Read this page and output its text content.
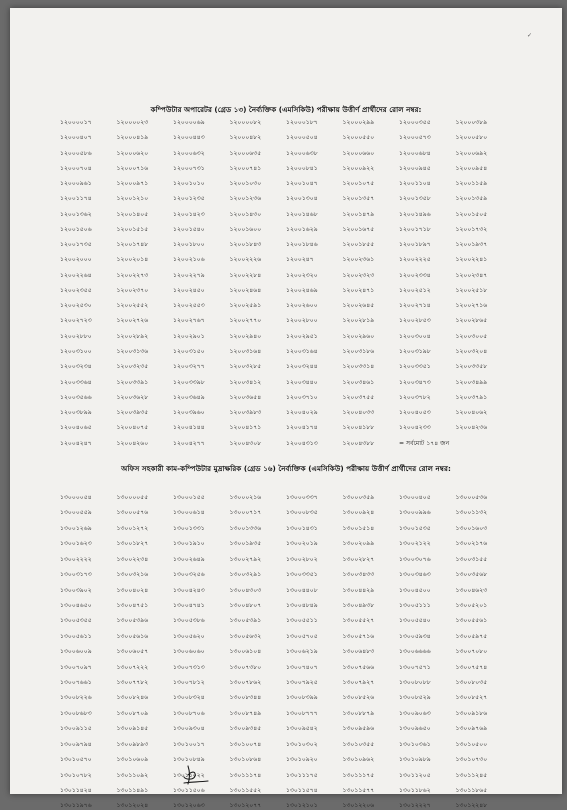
✓
কম্পিউটার অপারেটর (গ্রেড ১৩) নৈর্ব্যক্তিক (এমসিকিউ) পরীক্ষায় উত্তীর্ণ প্রার্থীদের রোল নম্বর:
১২০০০০১৭	১২০০০০২৩	১২০০০০৬৯	১২০০০০৮২	১২০০০১৮৭	১২০০০২৯৯	১২০০০৩৫৫	১২০০০৩৮৯
১২০০০৪০৭	১২০০০৪১৯	১২০০০৪৪৩	১২০০০৪৮২	১২০০০৫০৪	১২০০০৫৫০	১২০০০৫৭৩	১২০০০৫৮০
১২০০০৫৮৬	১২০০০৬২০	১২০০০৬৩২	১২০০০৬৩৫	১২০০০৬৩৮	১২০০০৬৬০	১২০০০৬৮৪	১২০০০৬৯২
১২০০০৭০৪	১২০০০৭১৬	১২০০০৭৩১	১২০০০৭৪১	১২০০০৮৪১	১২০০০৯২২	১২০০০৯৪৫	১২০০০৯৫৪
১২০০০৯৬১	১২০০০৯৭১	১২০০১০১০	১২০০১০৩০	১২০০১০৪৭	১২০০১০৭৫	১২০০১১০৪	১২০০১১৫৯
১২০০১১৭৪	১২০০১২১০	১২০০১২৩৫	১২০০১২৩৬	১২০০১৩০৪	১২০০১৩৫৭	১২০০১৩৫৮	১২০০১৩৫৯
১২০০১৩৬২	১২০০১৪০৫	১২০০১৪২৩	১২০০১৪৩০	১২০০১৪৬৮	১২০০১৪৭৯	১২০০১৪৯৬	১২০০১৫০৫
১২০০১৫০৬	১২০০১৫১৫	১২০০১৫৪০	১২০০১৬০০	১২০০১৬২৯	১২০০১৬৭৫	১২০০১৭১৮	১২০০১৭৩২
১২০০১৭৩৫	১২০০১৭৪৮	১২০০১৮০০	১২০০১৮৪৩	১২০০১৮৪৬	১২০০১৮৫৫	১২০০১৮৯৭	১২০০১৯৩৭
১২০০২০০০	১২০০২০১৪	১২০০২১০৬	১২০০২২২৬	১২০০২৪৭	১২০০২৩৬১	১২০০২২২৫	১২০০২২৪১
১২০০২২৬৪	১২০০২২৭৩	১২০০২২৭৯	১২০০২২৮৪	১২০০২৩২০	১২০০২৩২৩	১২০০২৩৩৪	১২০০২৩৪৭
১২০০২৩৫৫	১২০০২৩৭০	১২০০২৪৫০	১২০০২৪৬৪	১২০০২৪৬৯	১২০০২৪৭১	১২০০২৫১২	১২০০২৫১৮
১২০০২৫৩০	১২০০২৫৫২	১২০০২৫৫৩	১২০০২৫৯১	১২০০২৬০০	১২০০২৬৪৫	১২০০২৭১৪	১২০০২৭১৬
১২০০২৭২৩	১২০০২৭২৬	১২০০২৭৬৭	১২০০২৭৭০	১২০০২৮০০	১২০০২৮১৯	১২০০২৮৫৩	১২০০২৮৬৫
১২০০২৮৮০	১২০০২৮৯২	১২০০২৯০১	১২০০২৯৪০	১২০০২৯৫১	১২০০২৯৬০	১২০০৩০০৪	১২০০৩০০৫
১২০০৩১০০	১২০০৩১৩৬	১২০০৩১৫০	১২০০৩১৬৪	১২০০৩১৬৪	১২০০৩১৮৬	১২০০৩১৯৮	১২০০৩২০৪
১২০০৩২৩৪	১২০০৩২৩৫	১২০০৩২৭৭	১২০০৩২৮৫	১২০০৩২৪৪	১২০০৩৩১৪	১২০০৩৩৫১	১২০০৩৩৫৮
১২০০৩৩৬৪	১২০০৩৩৯১	১২০০৩৩৯৮	১২০০৩৪১২	১২০০৩৪৪০	১২০০৩৪৬১	১২০০৩৪৭৩	১২০০৩৪৯৯
১২০০৩৫৬৬	১২০০৩৬২৮	১২০০৩৬৪৯	১২০০৩৬৫৪	১২০০৩৭১০	১২০০৩৭৫৫	১২০০৩৭৮২	১২০০৩৭৯১
১২০০৩৮৯৯	১২০০৩৯৩৫	১২০০৩৯৬০	১২০০৩৯৮৩	১২০০৪০২৯	১২০০৪০৩৩	১২০০৪০৫৩	১২০০৪০৬২
১২০০৪০৬৫	১২০০৪০৭৫	১২০০৪১৪৪	১২০০৪১৭১	১২০০৪১৭৪	১২০০৪১৮৮	১২০০৪২৩৩	১২০০৪২৩৬
১২০০৪২৪৭	১২০০৪২৬০	১২০০৪২৭৭	১২০০৪৩০৮	১২০০৪৩১৩	১২০০৪৩৮৮	= সর্বমোট ১৭৪ জন
অফিস সহকারী কাম-কম্পিউটার মুদ্রাক্ষরিক (গ্রেড ১৬) নৈর্ব্যক্তিক (এমসিকিউ) পরীক্ষায় উত্তীর্ণ প্রার্থীদের রোল নম্বর:
১৩০০০০৫৪	১৩০০০০৫৫	১৩০০০১৫৫	১৩০০০২১৬	১৩০০০৩৩৭	১৩০০০৩৫৯	১৩০০০৪০৫	১৩০০০৫৩৬
১৩০০০৫৫৯	১৩০০০৫৭৬	১৩০০০৬১৪	১৩০০০৭১৭	১৩০০০৮৩৫	১৩০০০৯২৪	১৩০০০৯৯৬	১৩০০১১৩২
১৩০০১২৬৯	১৩০০১২৭২	১৩০০১৩৩১	১৩০০১৩৩৬	১৩০০১৪৩১	১৩০০১৫১৪	১৩০০১৫৩৫	১৩০০১৬০৩
১৩০০১৬২৩	১৩০০১৮২৭	১৩০০১৯১০	১৩০০১৯৩৫	১৩০০২০১৯	১৩০০২০৯৯	১৩০০২১২২	১৩০০২১৭৬
১৩০০২২২২	১৩০০২২৩৪	১৩০০২৬৪৯	১৩০০২৭৯২	১৩০০২৮০২	১৩০০২৮২৭	১৩০০৩০৭৬	১৩০০৩১৫৫
১৩০০৩১৭৩	১৩০০৩২১৬	১৩০০৩২৫৬	১৩০০৩২৯১	১৩০০৩৩৫১	১৩০০৩৪৩৩	১৩০০৩৪৬৩	১৩০০৩৫৬৮
১৩০০৩৯০২	১৩০০৪০২৪	১৩০০৪২৪৩	১৩০০৪৩০৩	১৩০০৪৪০৮	১৩০০৪৪২৯	১৩০০৪৫০০	১৩০০৪৬২৩
১৩০০৪৬৫০	১৩০০৪৭৫১	১৩০০৪৭৪১	১৩০০৪৮০৭	১৩০০৪৮৪৯	১৩০০৪৯৩৮	১৩০০৫১১১	১৩০০৫২০১
১৩০০৫৩৫৫	১৩০০৫৩৯৬	১৩০০৫৩৮৬	১৩০০৫৩৯১	১৩০০৫৫১১	১৩০০৫৫২৭	১৩০০৫৫৪০	১৩০০৫৫৬১
১৩০০৫৬১১	১৩০০৫৬১৬	১৩০০৫৬২০	১৩০০৫৬৩২	১৩০০৫৭০৫	১৩০০৫৭১৬	১৩০০৫৯৩৪	১৩০০৫৯৭৫
১৩০০৬০০৯	১৩০০৬০৫৭	১৩০০৬০৬০	১৩০০৬১০৪	১৩০০৬২১৯	১৩০০৬৪৮৩	১৩০০৬৬৬৬	১৩০০৭০৮০
১৩০০৭০৯৭	১৩০০৭২২২	১৩০০৭৩১৩	১৩০০৭৩৮০	১৩০০৭৪০৭	১৩০০৭৫৬৬	১৩০০৭৫৭১	১৩০০৭৫৭৪
১৩০০৭৬৬১	১৩০০৭৭৮২	১৩০০৭৮১২	১৩০০৭৮৬২	১৩০০৭৯২৫	১৩০০৭৯২৭	১৩০০৮০৮৮	১৩০০৮০৩৫
১৩০০৮২২৬	১৩০০৮২৪৬	১৩০০৮৩২৪	১৩০০৮৩৪৪	১৩০০৮৩৯৯	১৩০০৮৫২৬	১৩০০৮৫২৯	১৩০০৮৫২৭
১৩০০৮৬৮৩	১৩০০৮৭০৯	১৩০০৮৭০৬	১৩০০৮৭৪৯	১৩০০৮৭৭৭	১৩০০৮৮৭৯	১৩০০৯০৬৩	১৩০০৯১৮৬
১৩০০৯১১৫	১৩০০৯১৪৫	১৩০০৯৩০৪	১৩০০৯৩৪৫	১৩০০৯৫৪২	১৩০০৯৫৯৬	১৩০০৯৬৫০	১৩০০৯৭৬৯
১৩০০৯৭৯৪	১৩০০৯৮৯৩	১৩০১০০১৭	১৩০১০০৭৪	১৩০১০৩০২	১৩০১০৩৫৫	১৩০১০৩৬১	১৩০১০৫০০
১৩০১০৫৭০	১৩০১০৬০৯	১৩০১০৮৪৯	১৩০১০৮৬৪	১৩০১০৯২০	১৩০১০৯৬২	১৩০১০৯৮৯	১৩০১০৭৩০
১৩০১০৭৮২	১৩০১১০৯২	১৩০১১০২২	১৩০১১১৭৪	১৩০১১১৭৫	১৩০১১১৭৫	১৩০১১২০৫	১৩০১১২৪৫
১৩০১১৪২৪	১৩০১১৪৯১	১৩০১১৫০৬	১৩০১১৫৫২	১৩০১১৫৭৪	১৩০১১৫৭৭	১৩০১১৮৬২	১৩০১১৮৬৫
১৩০১১৯৭৬	১৩০১২০২৪	১৩০১২০৬৩	১৩০১২০৭৭	১৩০১২১০১	১৩০১২২০৬	১৩০১২২২৭	১৩০১২২৪৮
